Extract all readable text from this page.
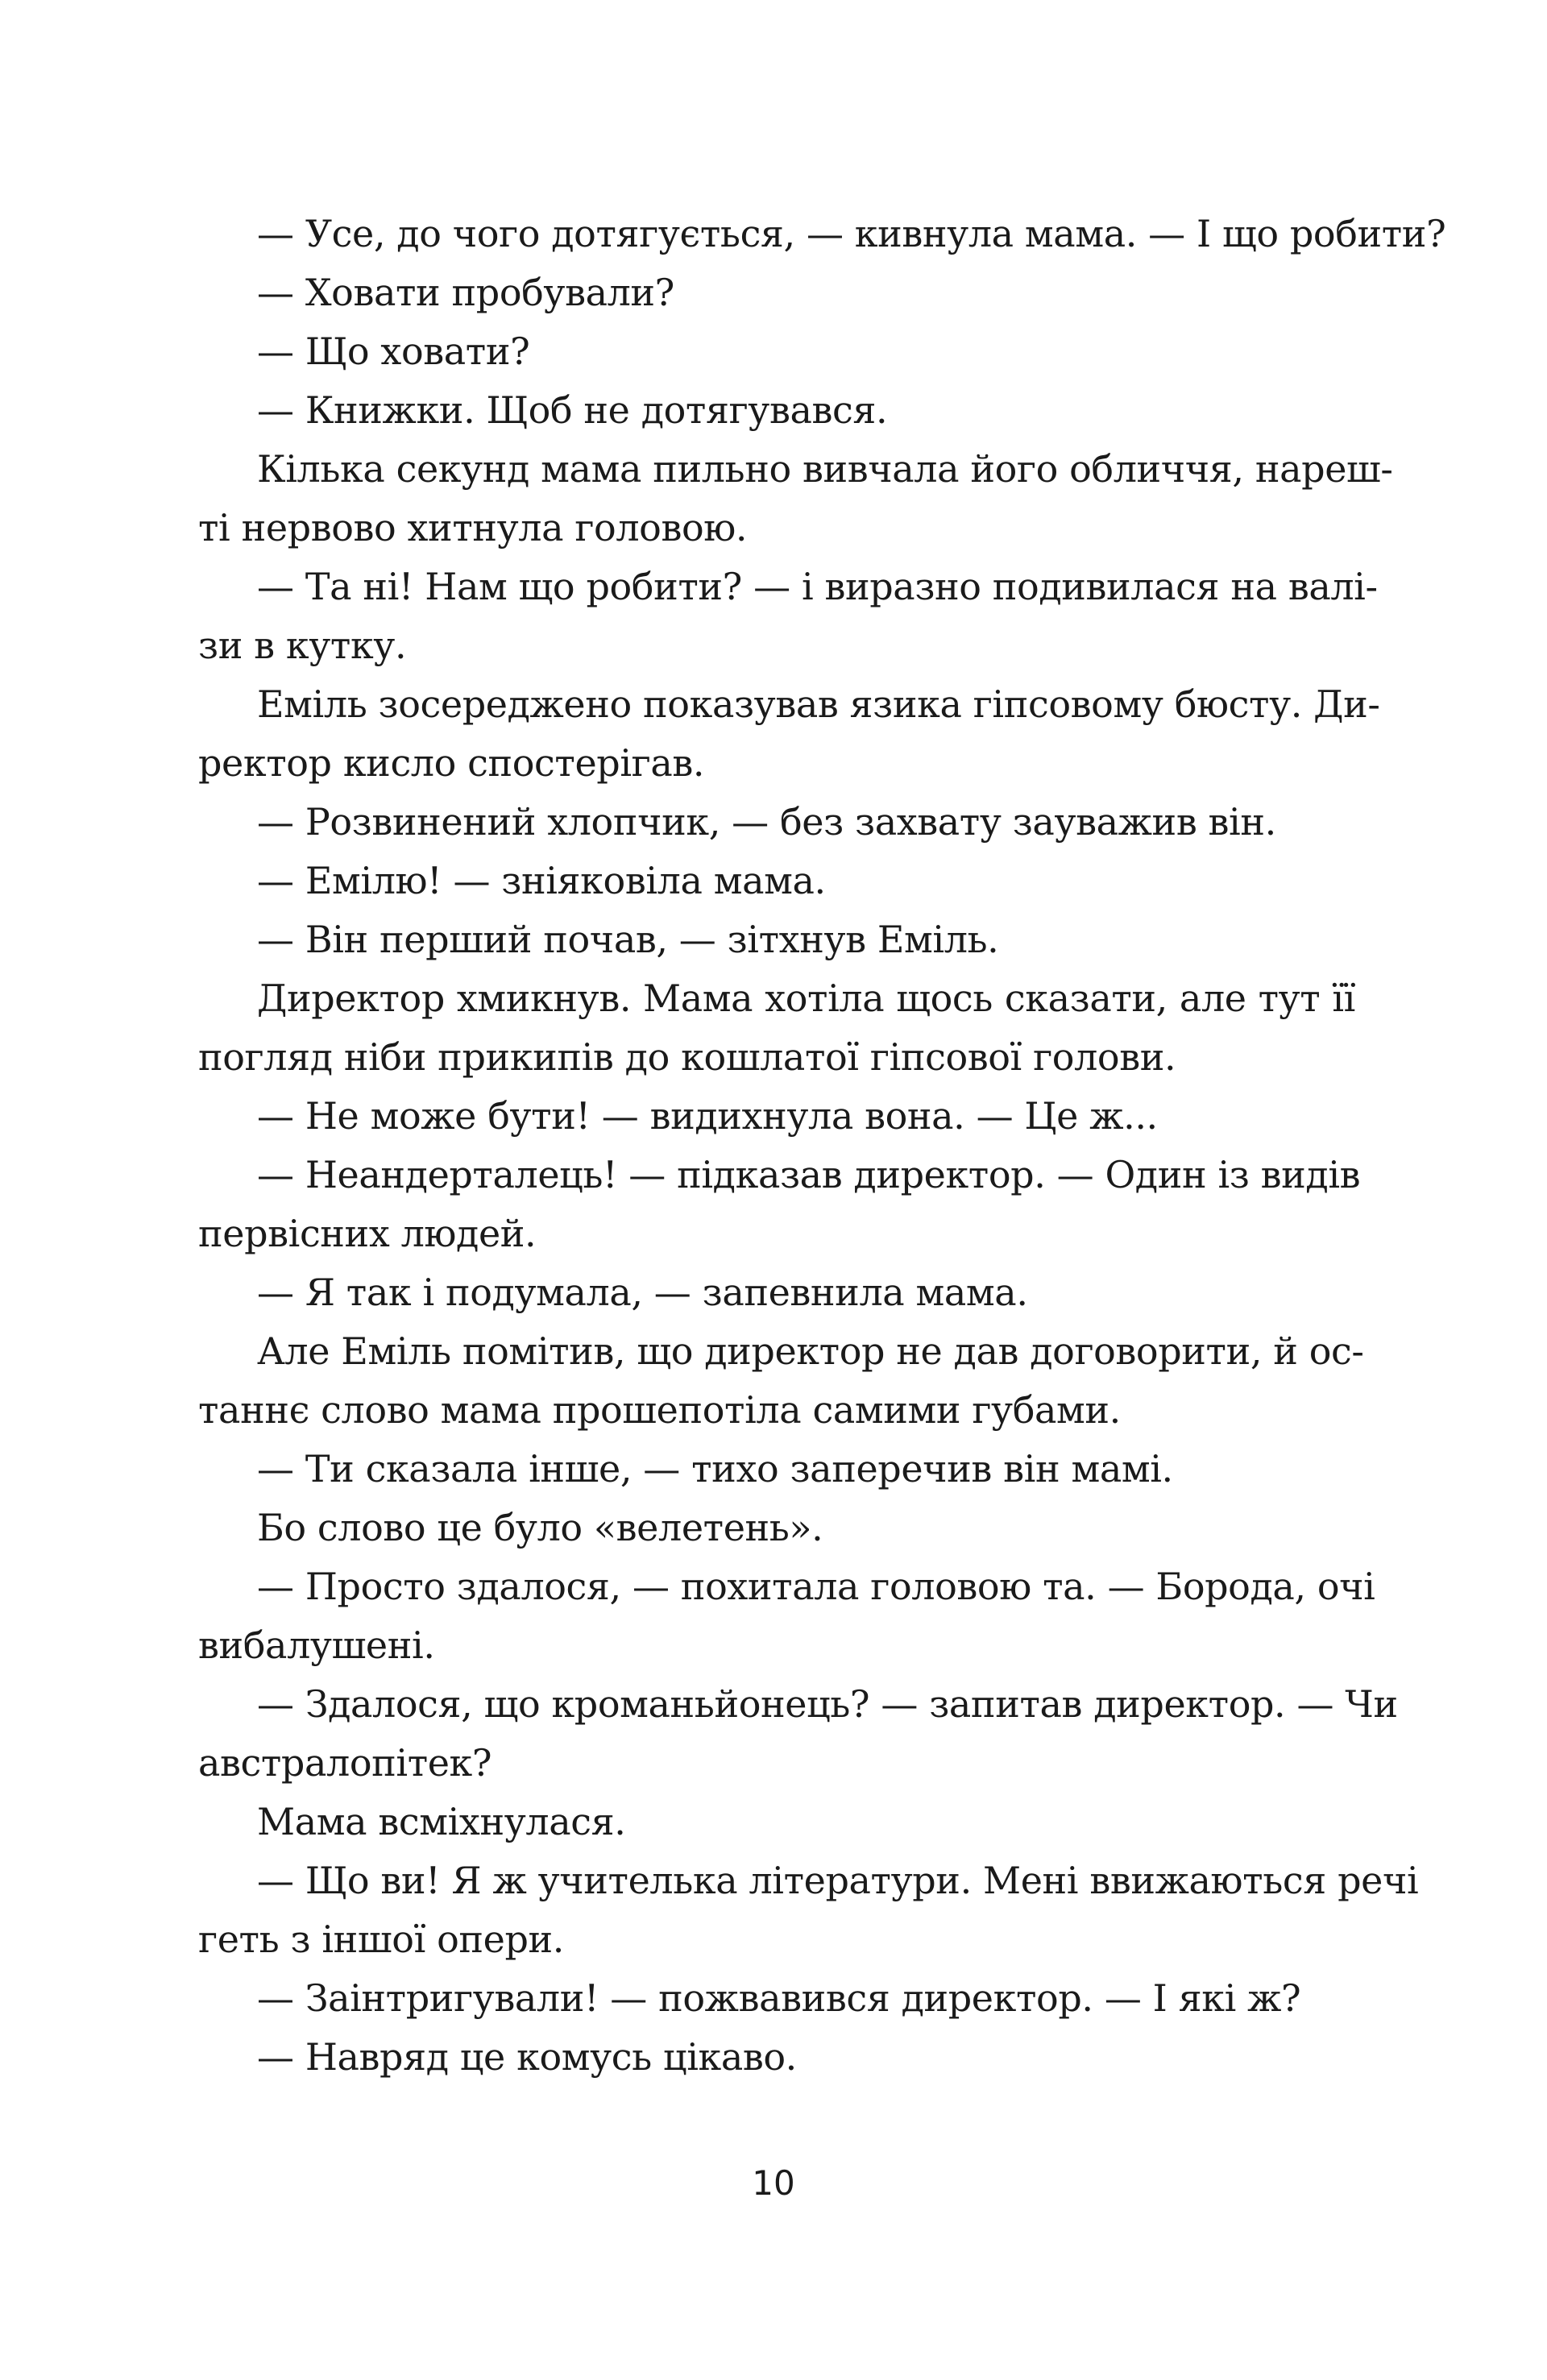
— Усе, до чого дотягується, — кивнула мама. — І що робити?
— Ховати пробували?
— Що ховати?
— Книжки. Щоб не дотягувався.
Кілька секунд мама пильно вивчала його обличчя, нареш-
ті нервово хитнула головою.
— Та ні! Нам що робити? — і виразно подивилася на валі-
зи в кутку.
Еміль зосереджено показував язика гіпсовому бюсту. Ди-
ректор кисло спостерігав.
— Розвинений хлопчик, — без захвату зауважив він.
— Емілю! — зніяковіла мама.
— Він перший почав, — зітхнув Еміль.
Директор хмикнув. Мама хотіла щось сказати, але тут її
погляд ніби прикипів до кошлатої гіпсової голови.
— Не може бути! — видихнула вона. — Це ж...
— Неандерталець! — підказав директор. — Один із видів
первісних людей.
— Я так і подумала, — запевнила мама.
Але Еміль помітив, що директор не дав договорити, й ос-
таннє слово мама прошепотіла самими губами.
— Ти сказала інше, — тихо заперечив він мамі.
Бо слово це було «велетень».
— Просто здалося, — похитала головою та. — Борода, очі
вибалушені.
— Здалося, що кроманьйонець? — запитав директор. — Чи
австралопітек?
Мама всміхнулася.
— Що ви! Я ж учителька літератури. Мені ввижаються речі
геть з іншої опери.
— Заінтригували! — пожвавився директор. — І які ж?
— Навряд це комусь цікаво.
10
